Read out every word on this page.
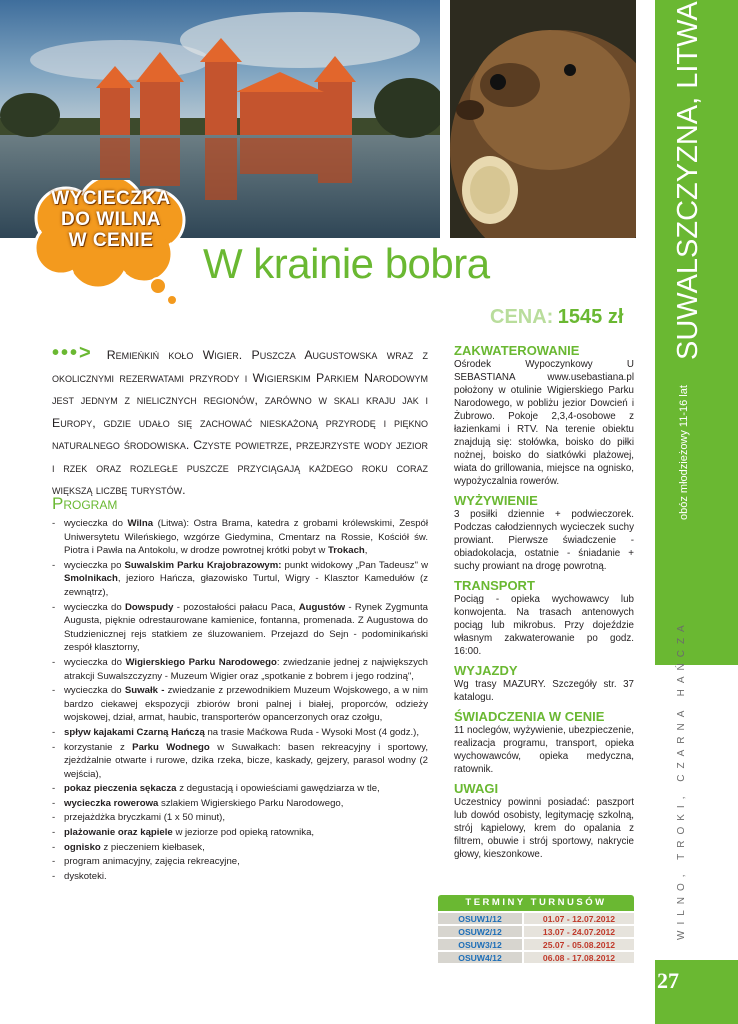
SUWALSZCZYZNA, LITWA
obóz młodzieżowy 11-16 lat
WILNO, TROKI, CZARNA HAŃCZA
27
WYCIECZKA
DO WILNA
W CENIE	W krainie bobra
CENA: 1545 zł

•••> Remieńkiń koło Wigier. Puszcza Augustowska wraz z okolicznymi rezerwatami przyrody i Wigierskim Parkiem Narodowym jest jednym z nielicznych regionów, zarówno w skali kraju jak i Europy, gdzie udało się zachować nieskażoną przyrodę i piękno naturalnego środowiska. Czyste powietrze, przejrzyste wody jezior i rzek oraz rozległe puszcze przyciągają każdego roku coraz większą liczbę turystów.

Program
- wycieczka do Wilna (Litwa): Ostra Brama, katedra z grobami królewskimi, Zespół Uniwersytetu Wileńskiego, wzgórze Giedymina, Cmentarz na Rossie, Kościół św. Piotra i Pawła na Antokolu, w drodze powrotnej krótki pobyt w Trokach,
- wycieczka po Suwalskim Parku Krajobrazowym: punkt widokowy „Pan Tadeusz" w Smolnikach, jezioro Hańcza, głazowisko Turtul, Wigry - Klasztor Kamedułów (z zewnątrz),
- wycieczka do Dowspudy - pozostałości pałacu Paca, Augustów - Rynek Zygmunta Augusta, pięknie odrestaurowane kamienice, fontanna, promenada. Z Augustowa do Studzienicznej rejs statkiem ze śluzowaniem. Przejazd do Sejn - podominikański zespół klasztorny,
- wycieczka do Wigierskiego Parku Narodowego: zwiedzanie jednej z największych atrakcji Suwalszczyzny - Muzeum Wigier oraz „spotkanie z bobrem i jego rodziną",
- wycieczka do Suwałk - zwiedzanie z przewodnikiem Muzeum Wojskowego, a w nim bardzo ciekawej ekspozycji zbiorów broni palnej i białej, proporców, odzieży wojskowej, dział, armat, haubic, transporterów opancerzonych oraz czołgu,
- spływ kajakami Czarną Hańczą na trasie Maćkowa Ruda - Wysoki Most (4 godz.),
- korzystanie z Parku Wodnego w Suwałkach: basen rekreacyjny i sportowy, zjeżdżalnie otwarte i rurowe, dzika rzeka, bicze, kaskady, gejzery, parasol wodny (2 wejścia),
- pokaz pieczenia sękacza z degustacją i opowieściami gawędziarza w tle,
- wycieczka rowerowa szlakiem Wigierskiego Parku Narodowego,
- przejażdżka bryczkami (1 x 50 minut),
- plażowanie oraz kąpiele w jeziorze pod opieką ratownika,
- ognisko z pieczeniem kiełbasek,
- program animacyjny, zajęcia rekreacyjne,
- dyskoteki.
ZAKWATEROWANIE

Ośrodek Wypoczynkowy U SEBASTIANA www.usebastiana.pl położony w otulinie Wigierskiego Parku Narodowego, w pobliżu jezior Dowcień i Żubrowo. Pokoje 2,3,4-osobowe z łazienkami i RTV. Na terenie obiektu znajdują się: stołówka, boisko do piłki nożnej, boisko do siatkówki plażowej, wiata do grillowania, miejsce na ognisko, wypożyczalnia rowerów.

WYŻYWIENIE

3 posiłki dziennie + podwieczorek. Podczas całodziennych wycieczek suchy prowiant. Pierwsze świadczenie - obiadokolacja, ostatnie - śniadanie + suchy prowiant na drogę powrotną.

TRANSPORT

Pociąg - opieka wychowawcy lub konwojenta. Na trasach antenowych pociąg lub mikrobus. Przy dojeździe własnym zakwaterowanie po godz. 16:00.

WYJAZDY

Wg trasy MAZURY. Szczegóły str. 37 katalogu.

ŚWIADCZENIA W CENIE

11 noclegów, wyżywienie, ubezpieczenie, realizacja programu, transport, opieka wychowawców, opieka medyczna, ratownik.

UWAGI

Uczestnicy powinni posiadać: paszport lub dowód osobisty, legitymację szkolną, strój kąpielowy, krem do opalania z filtrem, obuwie i strój sportowy, nakrycie głowy, kieszonkowe.

TERMINY TURNUSÓW
OSUW1/12	01.07 - 12.07.2012
OSUW2/12	13.07 - 24.07.2012
OSUW3/12	25.07 - 05.08.2012
OSUW4/12	06.08 - 17.08.2012
